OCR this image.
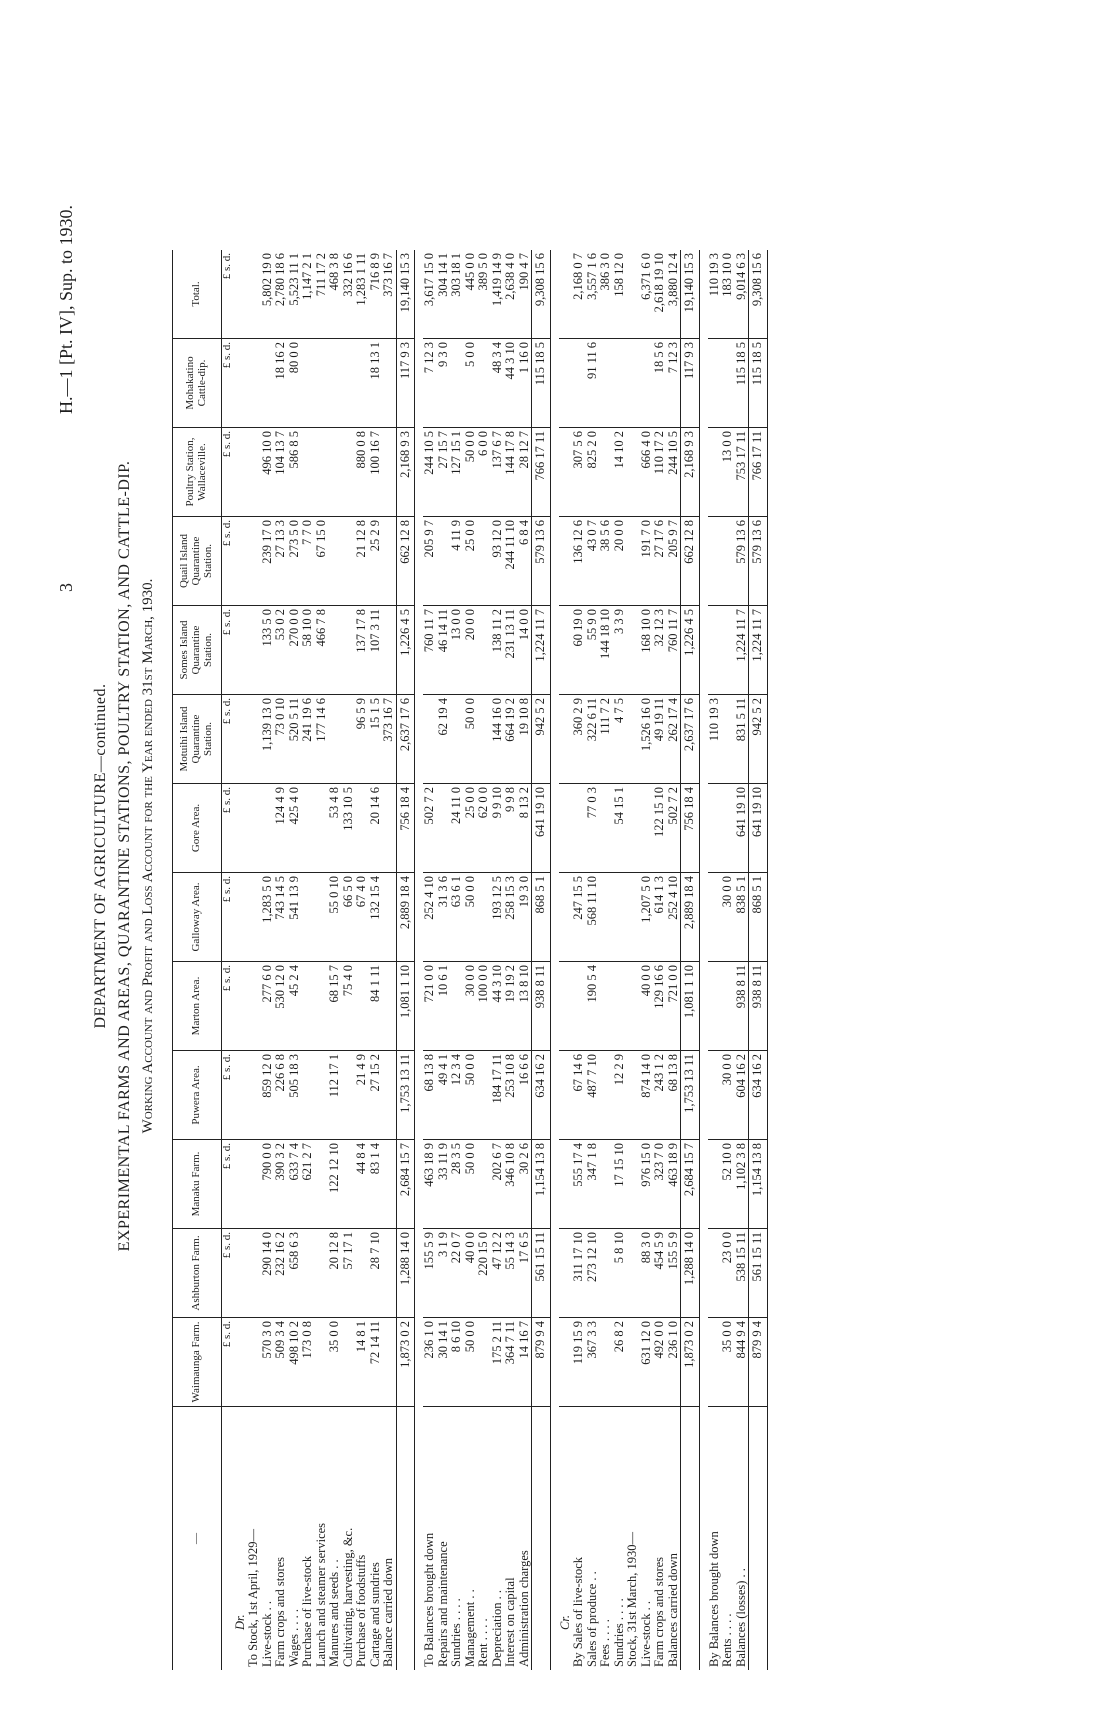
3
H.—1 [Pt. IV], Sup. to 1930.
DEPARTMENT OF AGRICULTURE—continued. EXPERIMENTAL FARMS AND AREAS, QUARANTINE STATIONS, POULTRY STATION, AND CATTLE-DIP. Working Account and Profit and Loss Account for the Year ended 31st March, 1930.
—	Waimaunga Farm.	Ashburton Farm.	Manaku Farm.	Puwera Area.	Marton Area.	Galloway Area.	Gore Area.	Motuihi Island Quarantine Station.	Somes Island Quarantine Station.	Quail Island Quarantine Station.	Poultry Station, Wallaceville.	Mohakatino Cattle-dip.	Total.
	£ s. d.	£ s. d.	£ s. d.	£ s. d.	£ s. d.	£ s. d.	£ s. d.	£ s. d.	£ s. d.	£ s. d.	£ s. d.	£ s. d.	£ s. d.
Dr.													
To Stock, 1st April, 1929—													
Live-stock . .	570 3 0	290 14 0	790 0 0	859 12 0	277 6 0	1,283 5 0		1,139 13 0	133 5 0	239 17 0	496 10 0		5,802 19 0
Farm crops and stores	509 3 4	232 16 2	390 3 2	226 6 8	530 12 0	743 14 5	124 4 9	73 0 10	53 0 2	27 13 3	104 13 7	18 16 2	2,780 18 6
Wages . . . .	498 10 2	658 6 3	633 7 4	505 18 3	45 2 4	541 13 9	425 4 0	520 5 11	270 0 0	273 5 0	586 8 5	80 0 0	5,523 11 1
Purchase of live-stock	173 0 8		621 2 7					241 19 6	58 10 0	7 7 0			1,147 2 1
Launch and steamer services								177 14 6	466 7 8	67 15 0			711 17 2
Manures and seeds . .	35 0 0	20 12 8	122 12 10	112 17 1	68 15 7	55 0 10	53 4 8						468 3 8
Cultivating, harvesting, &c.		57 17 1			75 4 0	66 5 0	133 10 5						332 16 6
Purchase of foodstuffs	14 8 1		44 8 4	21 4 9		67 4 0		96 5 9	137 17 8	21 12 8	880 0 8		1,283 1 11
Cartage and sundries	72 14 11	28 7 10	83 1 4	27 15 2	84 1 11	132 15 4	20 14 6	15 1 5	107 3 11	25 2 9	100 16 7	18 13 1	716 8 9
Balance carried down								373 16 7					373 16 7
	1,873 0 2	1,288 14 0	2,684 15 7	1,753 13 11	1,081 1 10	2,889 18 4	756 18 4	2,637 17 6	1,226 4 5	662 12 8	2,168 9 3	117 9 3	19,140 15 3

To Balances brought down	236 1 0	155 5 9	463 18 9	68 13 8	721 0 0	252 4 10	502 7 2		760 11 7	205 9 7	244 10 5	7 12 3	3,617 15 0
Repairs and maintenance	30 14 1	3 1 9	33 11 9	49 4 1	10 6 1	31 3 6		62 19 4	46 14 11		27 15 7	9 3 0	304 14 1
Sundries . . . .	8 6 10	22 0 7	28 3 5	12 3 4		63 6 1	24 11 0		13 0 0	4 11 9	127 15 1		303 18 1
Management . .	50 0 0	40 0 0	50 0 0	50 0 0	30 0 0	50 0 0	25 0 0	50 0 0	20 0 0	25 0 0	50 0 0	5 0 0	445 0 0
Rent . . . .		220 15 0			100 0 0		62 0 0				6 0 0		389 5 0
Depreciation . .	175 2 11	47 12 2	202 6 7	184 17 11	44 3 10	193 12 5	9 9 10	144 16 0	138 11 2	93 12 0	137 6 7	48 3 4	1,419 14 9
Interest on capital	364 7 11	55 14 3	346 10 8	253 10 8	19 19 2	258 15 3	9 9 8	664 19 2	231 13 11	244 11 10	144 17 8	44 3 10	2,638 4 0
Administration charges	14 16 7	17 6 5	30 2 6	16 6 6	13 8 10	19 3 0	8 13 2	19 10 8	14 0 0	6 8 4	28 12 7	1 16 0	190 4 7
	879 9 4	561 15 11	1,154 13 8	634 16 2	938 8 11	868 5 1	641 19 10	942 5 2	1,224 11 7	579 13 6	766 17 11	115 18 5	9,308 15 6

Cr.													
By Sales of live-stock	119 15 9	311 17 10	555 17 4	67 14 6		247 15 5		360 2 9	60 19 0	136 12 6	307 5 6		2,168 0 7
Sales of produce . .	367 3 3	273 12 10	347 1 8	487 7 10	190 5 4	568 11 10	77 0 3	322 6 11	55 9 0	43 0 7	825 2 0	91 11 6	3,557 1 6
Fees . . . .								111 7 2	144 18 10	38 5 6			386 3 0
Sundries . . . .	26 8 2	5 8 10	17 15 10	12 2 9			54 15 1	4 7 5	3 3 9	20 0 0	14 10 2		158 12 0
Stock, 31st March, 1930—													
Live-stock . .	631 12 0	88 3 0	976 15 0	874 14 0	40 0 0	1,207 5 0		1,526 16 0	168 10 0	191 7 0	666 4 0		6,371 6 0
Farm crops and stores	492 0 0	454 5 9	323 7 0	243 1 2	129 16 6	614 1 3	122 15 10	49 19 11	32 12 3	27 17 6	110 17 2	18 5 6	2,618 19 10
Balances carried down	236 1 0	155 5 9	463 18 9	68 13 8	721 0 0	252 4 10	502 7 2	262 17 4	760 11 7	205 9 7	244 10 5	7 12 3	3,880 12 4
	1,873 0 2	1,288 14 0	2,684 15 7	1,753 13 11	1,081 1 10	2,889 18 4	756 18 4	2,637 17 6	1,226 4 5	662 12 8	2,168 9 3	117 9 3	19,140 15 3

By Balances brought down								110 19 3					110 19 3
Rents . . . .	35 0 0	23 0 0	52 10 0	30 0 0		30 0 0					13 0 0		183 10 0
Balances (losses) . .	844 9 4	538 15 11	1,102 3 8	604 16 2	938 8 11	838 5 1	641 19 10	831 5 11	1,224 11 7	579 13 6	753 17 11	115 18 5	9,014 6 3
	879 9 4	561 15 11	1,154 13 8	634 16 2	938 8 11	868 5 1	641 19 10	942 5 2	1,224 11 7	579 13 6	766 17 11	115 18 5	9,308 15 6
